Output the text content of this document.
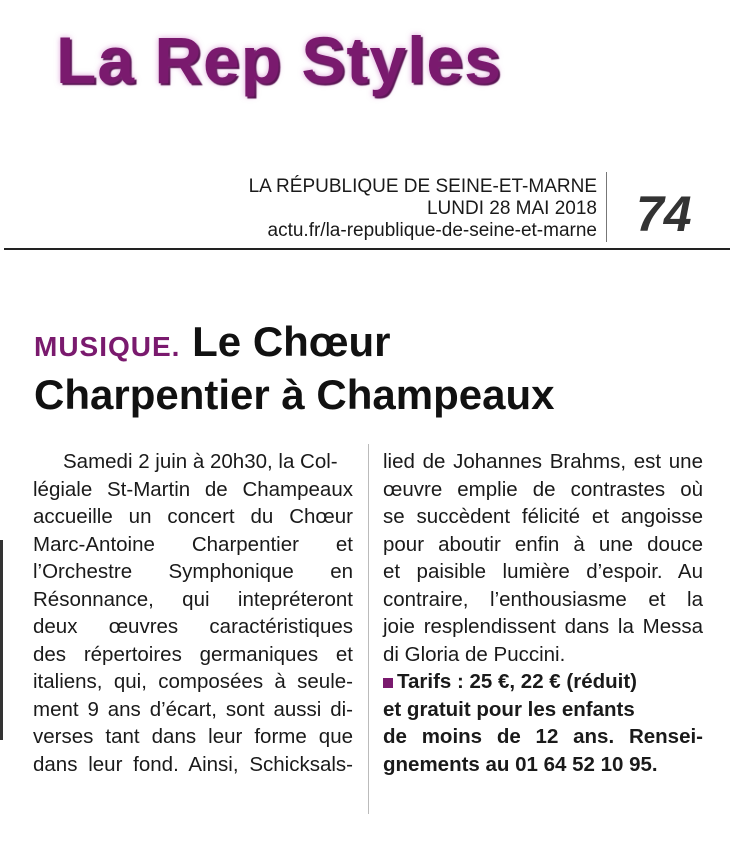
La Rep Styles
LA RÉPUBLIQUE DE SEINE-ET-MARNE
LUNDI 28 MAI 2018
actu.fr/la-republique-de-seine-et-marne 74
MUSIQUE. Le Chœur
Charpentier à Champeaux
Samedi 2 juin à 20h30, la Col-
légiale St-Martin de Champeaux
accueille un concert du Chœur
Marc-Antoine Charpentier et
l’Orchestre Symphonique en
Résonnance, qui intepréteront
deux œuvres caractéristiques
des répertoires germaniques et
italiens, qui, composées à seule-
ment 9 ans d’écart, sont aussi di-
verses tant dans leur forme que
dans leur fond. Ainsi, Schicksals-
lied de Johannes Brahms, est une
œuvre emplie de contrastes où
se succèdent félicité et angoisse
pour aboutir enfin à une douce
et paisible lumière d’espoir. Au
contraire, l’enthousiasme et la
joie resplendissent dans la Messa
di Gloria de Puccini.
Tarifs : 25 €, 22 € (réduit)
et gratuit pour les enfants
de moins de 12 ans. Rensei-
gnements au 01 64 52 10 95.
